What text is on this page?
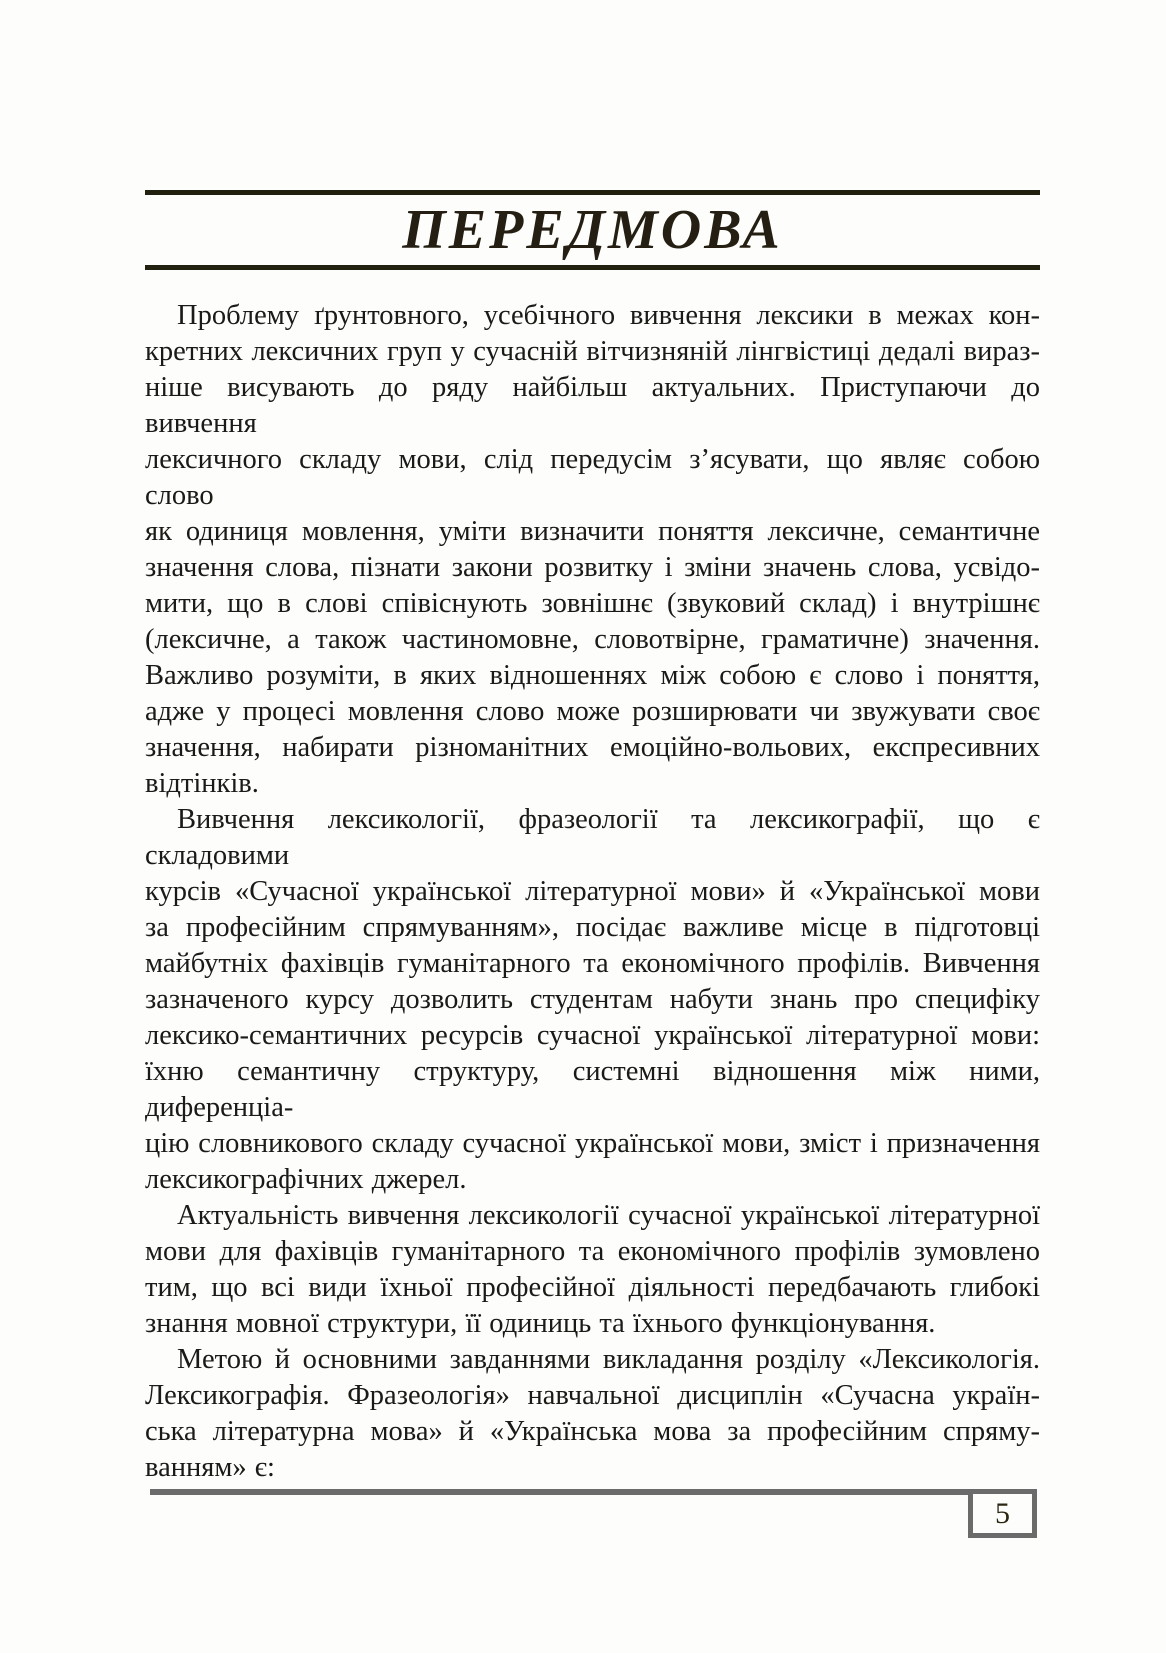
ПЕРЕДМОВА
Проблему ґрунтовного, усебічного вивчення лексики в межах кон-
кретних лексичних груп у сучасній вітчизняній лінгвістиці дедалі вираз-
ніше висувають до ряду найбільш актуальних. Приступаючи до вивчення
лексичного складу мови, слід передусім з’ясувати, що являє собою слово
як одиниця мовлення, уміти визначити поняття лексичне, семантичне
значення слова, пізнати закони розвитку і зміни значень слова, усвідо-
мити, що в слові співіснують зовнішнє (звуковий склад) і внутрішнє
(лексичне, а також частиномовне, словотвірне, граматичне) значення.
Важливо розуміти, в яких відношеннях між собою є слово і поняття,
адже у процесі мовлення слово може розширювати чи звужувати своє
значення, набирати різноманітних емоційно-вольових, експресивних
відтінків.
Вивчення лексикології, фразеології та лексикографії, що є складовими
курсів «Сучасної української літературної мови» й «Української мови
за професійним спрямуванням», посідає важливе місце в підготовці
майбутніх фахівців гуманітарного та економічного профілів. Вивчення
зазначеного курсу дозволить студентам набути знань про специфіку
лексико-семантичних ресурсів сучасної української літературної мови:
їхню семантичну структуру, системні відношення між ними, диференціа-
цію словникового складу сучасної української мови, зміст і призначення
лексикографічних джерел.
Актуальність вивчення лексикології сучасної української літературної
мови для фахівців гуманітарного та економічного профілів зумовлено
тим, що всі види їхньої професійної діяльності передбачають глибокі
знання мовної структури, її одиниць та їхнього функціонування.
Метою й основними завданнями викладання розділу «Лексикологія.
Лексикографія. Фразеологія» навчальної дисциплін «Сучасна україн-
ська літературна мова» й «Українська мова за професійним спряму-
ванням» є:
5
